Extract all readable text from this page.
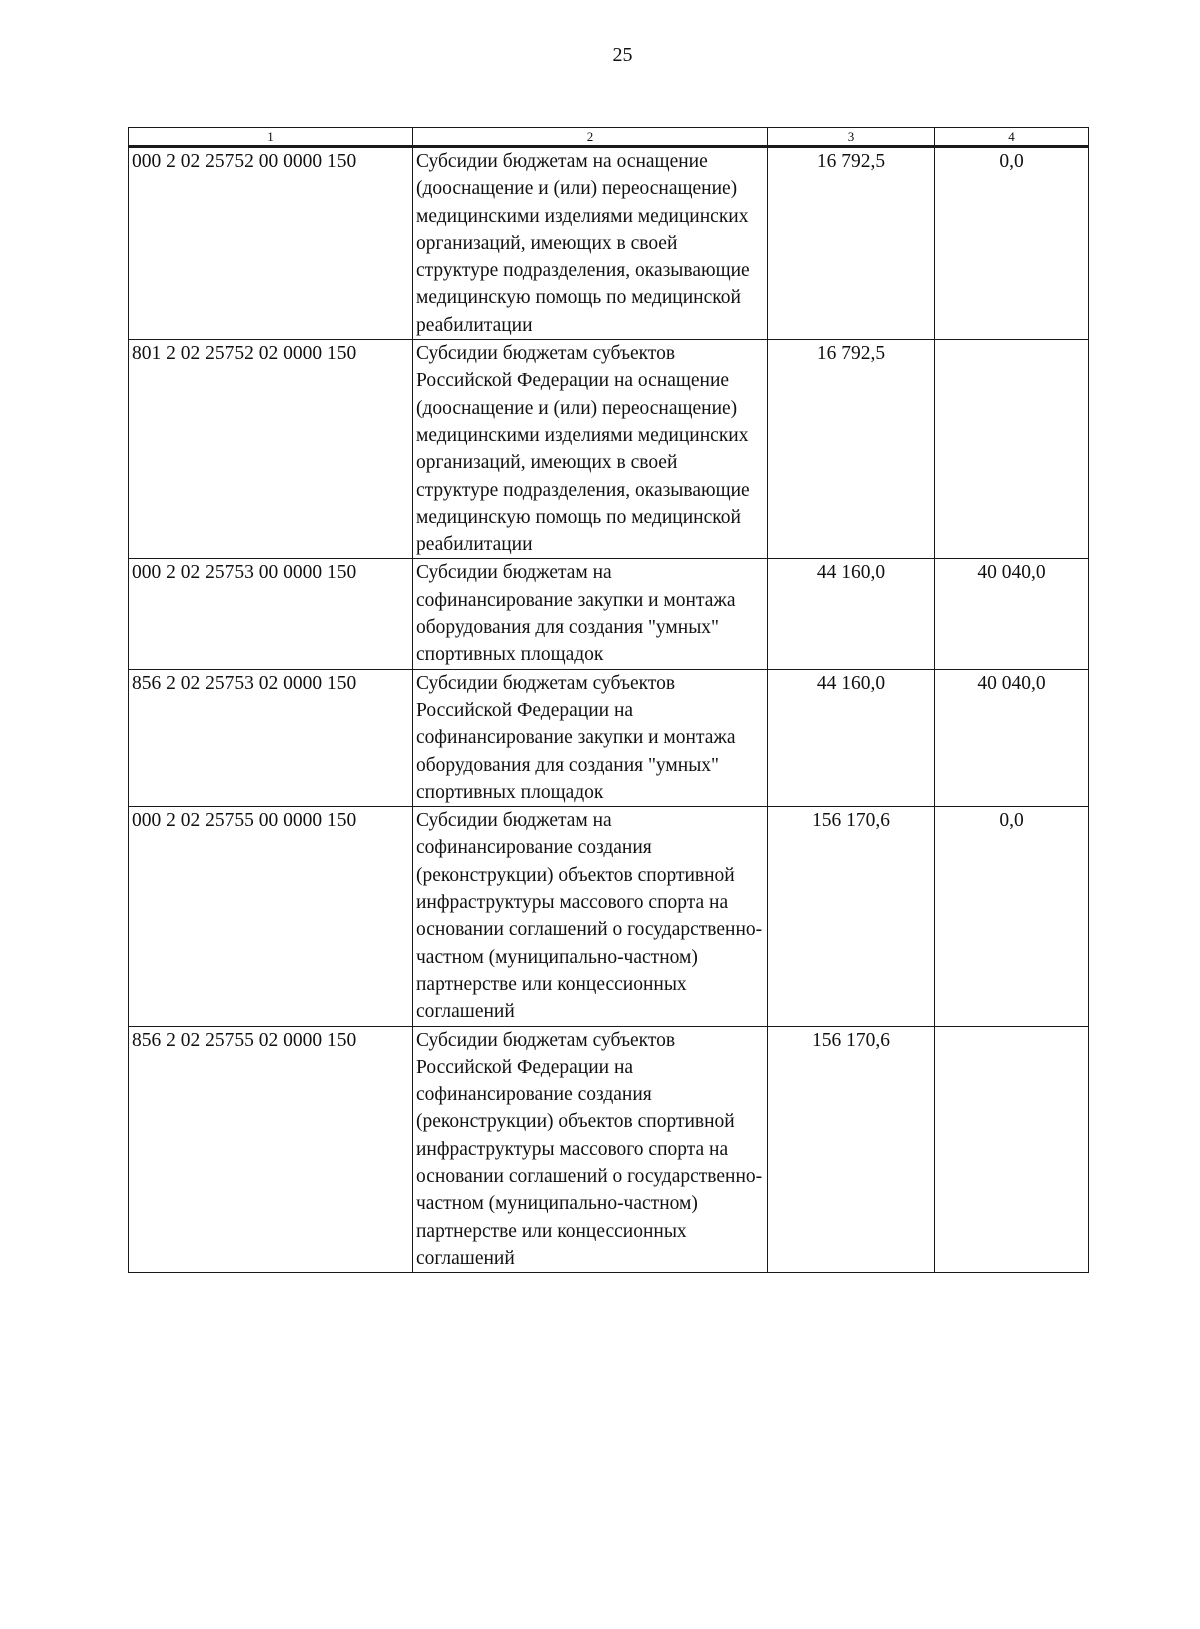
25
1	2	3	4
000 2 02 25752 00 0000 150	Субсидии бюджетам на оснащение (дооснащение и (или) переоснащение) медицинскими изделиями медицинских организаций, имеющих в своей структуре подразделения, оказывающие медицинскую помощь по медицинской реабилитации	16 792,5	0,0
801 2 02 25752 02 0000 150	Субсидии бюджетам субъектов Российской Федерации на оснащение (дооснащение и (или) переоснащение) медицинскими изделиями медицинских организаций, имеющих в своей структуре подразделения, оказывающие медицинскую помощь по медицинской реабилитации	16 792,5	
000 2 02 25753 00 0000 150	Субсидии бюджетам на софинансирование закупки и монтажа оборудования для создания "умных" спортивных площадок	44 160,0	40 040,0
856 2 02 25753 02 0000 150	Субсидии бюджетам субъектов Российской Федерации на софинансирование закупки и монтажа оборудования для создания "умных" спортивных площадок	44 160,0	40 040,0
000 2 02 25755 00 0000 150	Субсидии бюджетам на софинансирование создания (реконструкции) объектов спортивной инфраструктуры массового спорта на основании соглашений о государственно-частном (муниципально-частном) партнерстве или концессионных соглашений	156 170,6	0,0
856 2 02 25755 02 0000 150	Субсидии бюджетам субъектов Российской Федерации на софинансирование создания (реконструкции) объектов спортивной инфраструктуры массового спорта на основании соглашений о государственно-частном (муниципально-частном) партнерстве или концессионных соглашений	156 170,6	
